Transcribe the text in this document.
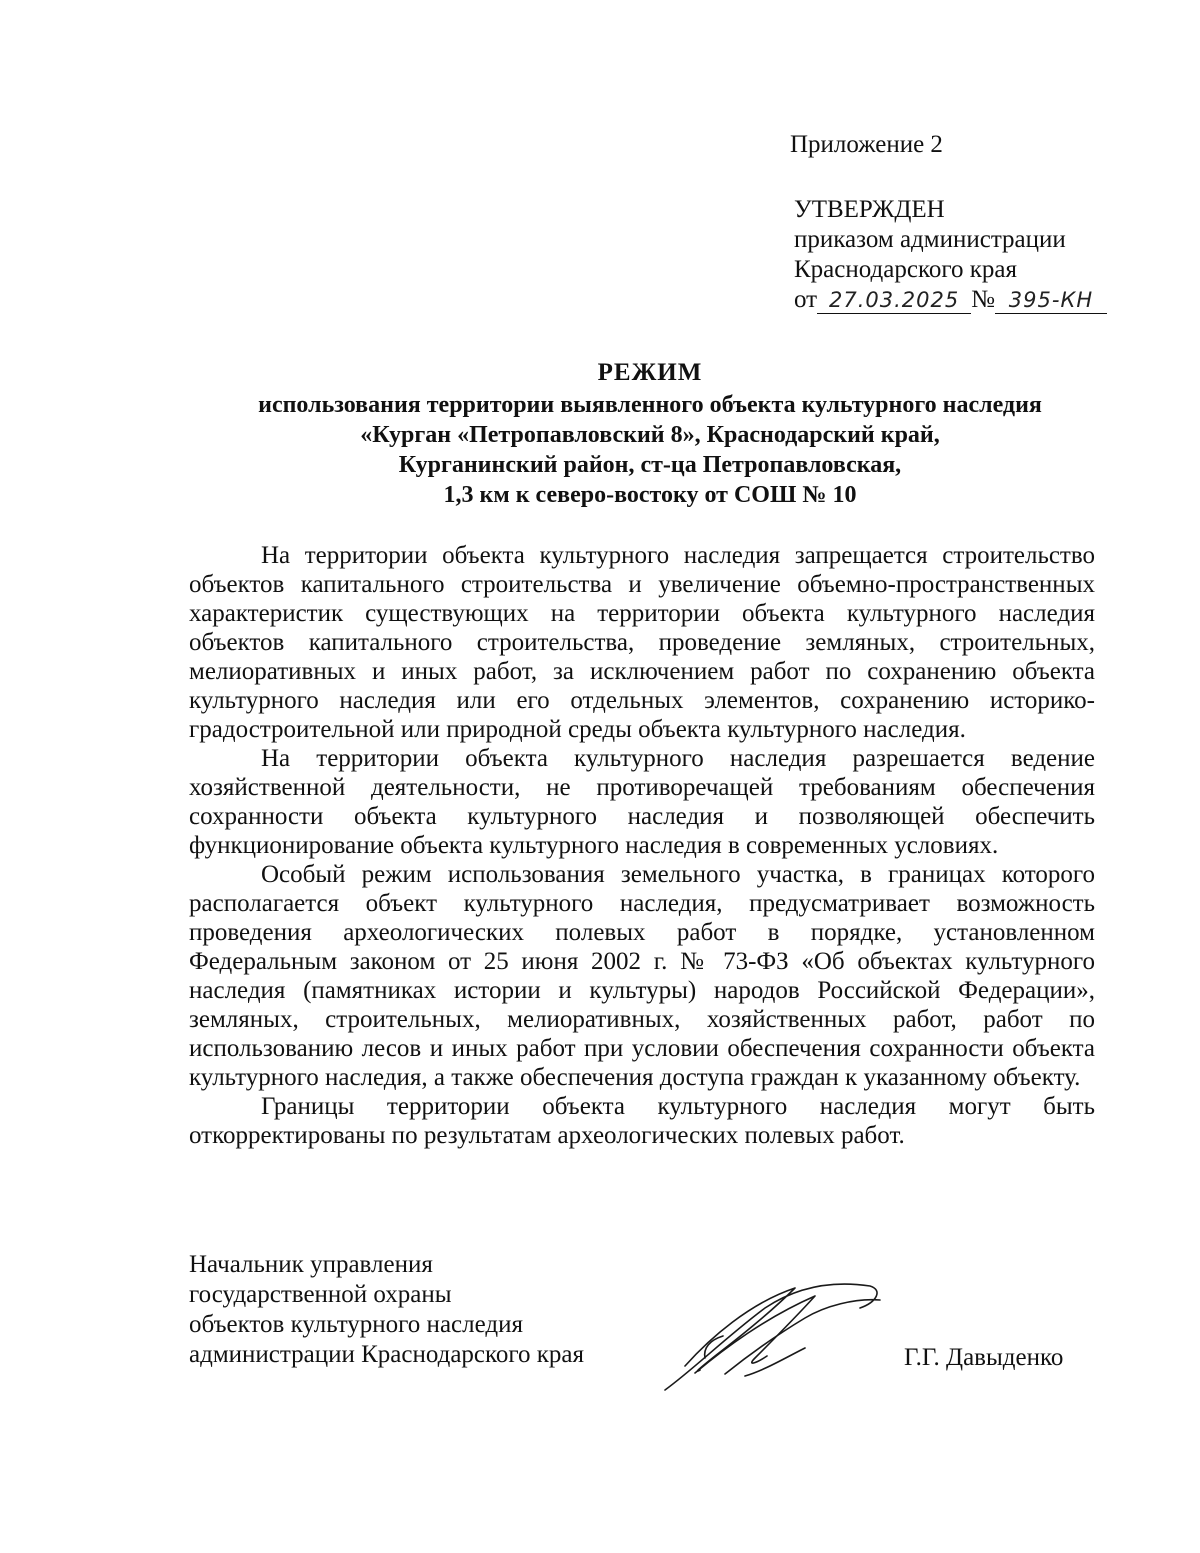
Приложение 2
УТВЕРЖДЕН
приказом администрации
Краснодарского края
от 27.03.2025 № 395-КН
РЕЖИМ
использования территории выявленного объекта культурного наследия
«Курган «Петропавловский 8», Краснодарский край,
Курганинский район, ст-ца Петропавловская,
1,3 км к северо-востоку от СОШ № 10

На территории объекта культурного наследия запрещается строительство объектов капитального строительства и увеличение объемно-пространственных характеристик существующих на территории объекта культурного наследия объектов капитального строительства, проведение земляных, строительных, мелиоративных и иных работ, за исключением работ по сохранению объекта культурного наследия или его отдельных элементов, сохранению историко-градостроительной или природной среды объекта культурного наследия.

На территории объекта культурного наследия разрешается ведение хозяйственной деятельности, не противоречащей требованиям обеспечения сохранности объекта культурного наследия и позволяющей обеспечить функционирование объекта культурного наследия в современных условиях.

Особый режим использования земельного участка, в границах которого располагается объект культурного наследия, предусматривает возможность проведения археологических полевых работ в порядке, установленном Федеральным законом от 25 июня 2002 г. № 73-ФЗ «Об объектах культурного наследия (памятниках истории и культуры) народов Российской Федерации», земляных, строительных, мелиоративных, хозяйственных работ, работ по использованию лесов и иных работ при условии обеспечения сохранности объекта культурного наследия, а также обеспечения доступа граждан к указанному объекту.

Границы территории объекта культурного наследия могут быть откорректированы по результатам археологических полевых работ.

Начальник управления
государственной охраны
объектов культурного наследия
администрации Краснодарского края	Г.Г. Давыденко
